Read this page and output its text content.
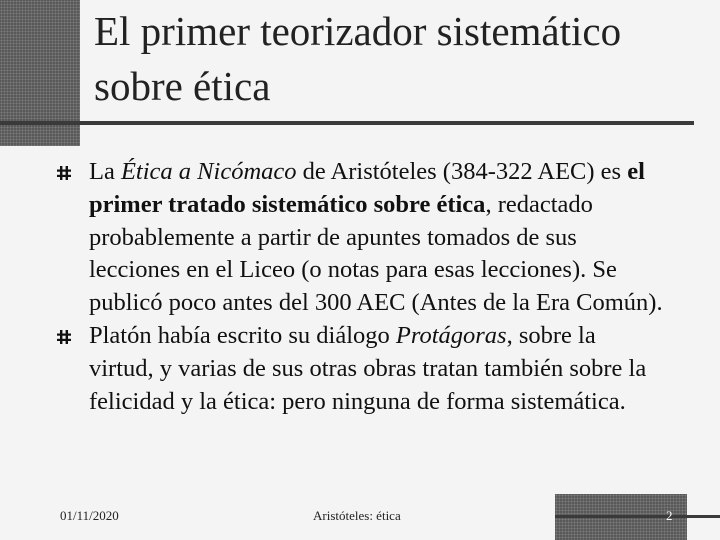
El primer teorizador sistemático
sobre ética
La Ética a Nicómaco de Aristóteles (384-322 AEC) es el primer tratado sistemático sobre ética, redactado probablemente a partir de apuntes tomados de sus lecciones en el Liceo (o notas para esas lecciones). Se publicó poco antes del 300 AEC (Antes de la Era Común).
Platón había escrito su diálogo Protágoras, sobre la virtud, y varias de sus otras obras tratan también sobre la felicidad y la ética: pero ninguna de forma sistemática.
01/11/2020	Aristóteles: ética	2
